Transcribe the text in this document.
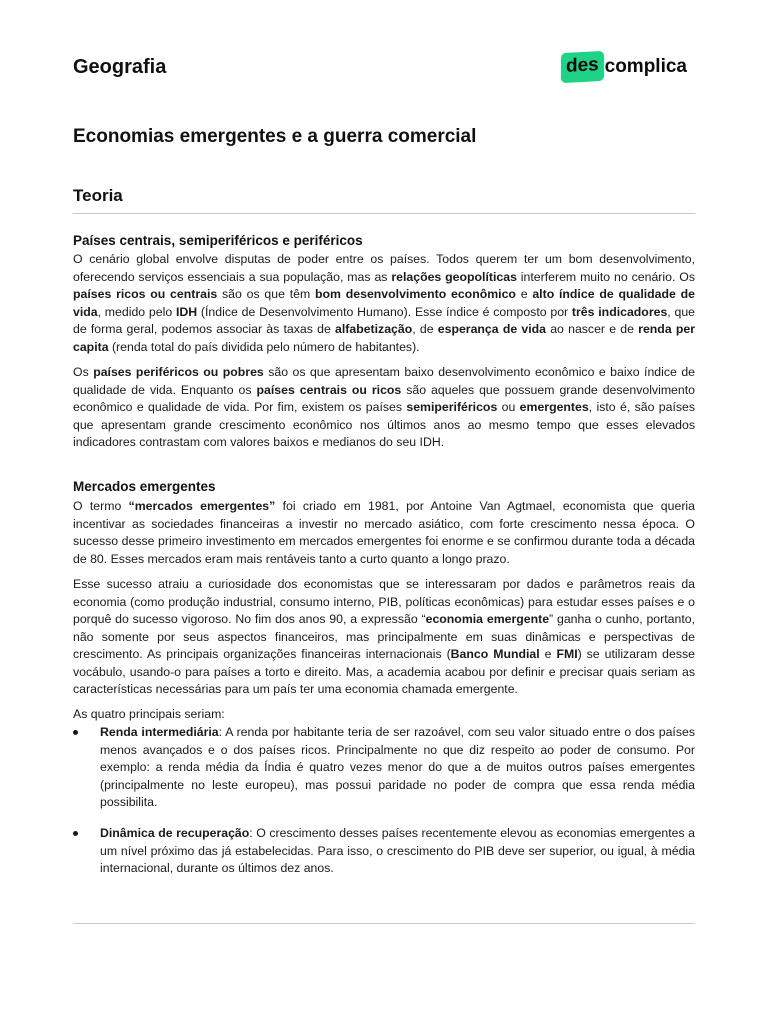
Geografia	des complica
Economias emergentes e a guerra comercial
Teoria
Países centrais, semiperiféricos e periféricos

O cenário global envolve disputas de poder entre os países. Todos querem ter um bom desenvolvimento, oferecendo serviços essenciais a sua população, mas as relações geopolíticas interferem muito no cenário. Os países ricos ou centrais são os que têm bom desenvolvimento econômico e alto índice de qualidade de vida, medido pelo IDH (Índice de Desenvolvimento Humano). Esse índice é composto por três indicadores, que de forma geral, podemos associar às taxas de alfabetização, de esperança de vida ao nascer e de renda per capita (renda total do país dividida pelo número de habitantes).

Os países periféricos ou pobres são os que apresentam baixo desenvolvimento econômico e baixo índice de qualidade de vida. Enquanto os países centrais ou ricos são aqueles que possuem grande desenvolvimento econômico e qualidade de vida. Por fim, existem os países semiperiféricos ou emergentes, isto é, são países que apresentam grande crescimento econômico nos últimos anos ao mesmo tempo que esses elevados indicadores contrastam com valores baixos e medianos do seu IDH.

Mercados emergentes

O termo “mercados emergentes” foi criado em 1981, por Antoine Van Agtmael, economista que queria incentivar as sociedades financeiras a investir no mercado asiático, com forte crescimento nessa época. O sucesso desse primeiro investimento em mercados emergentes foi enorme e se confirmou durante toda a década de 80. Esses mercados eram mais rentáveis tanto a curto quanto a longo prazo.

Esse sucesso atraiu a curiosidade dos economistas que se interessaram por dados e parâmetros reais da economia (como produção industrial, consumo interno, PIB, políticas econômicas) para estudar esses países e o porquê do sucesso vigoroso. No fim dos anos 90, a expressão “economia emergente” ganha o cunho, portanto, não somente por seus aspectos financeiros, mas principalmente em suas dinâmicas e perspectivas de crescimento. As principais organizações financeiras internacionais (Banco Mundial e FMI) se utilizaram desse vocábulo, usando-o para países a torto e direito. Mas, a academia acabou por definir e precisar quais seriam as características necessárias para um país ter uma economia chamada emergente.

As quatro principais seriam:
Renda intermediária: A renda por habitante teria de ser razoável, com seu valor situado entre o dos países menos avançados e o dos países ricos. Principalmente no que diz respeito ao poder de consumo. Por exemplo: a renda média da Índia é quatro vezes menor do que a de muitos outros países emergentes (principalmente no leste europeu), mas possui paridade no poder de compra que essa renda média possibilita.
Dinâmica de recuperação: O crescimento desses países recentemente elevou as economias emergentes a um nível próximo das já estabelecidas. Para isso, o crescimento do PIB deve ser superior, ou igual, à média internacional, durante os últimos dez anos.
